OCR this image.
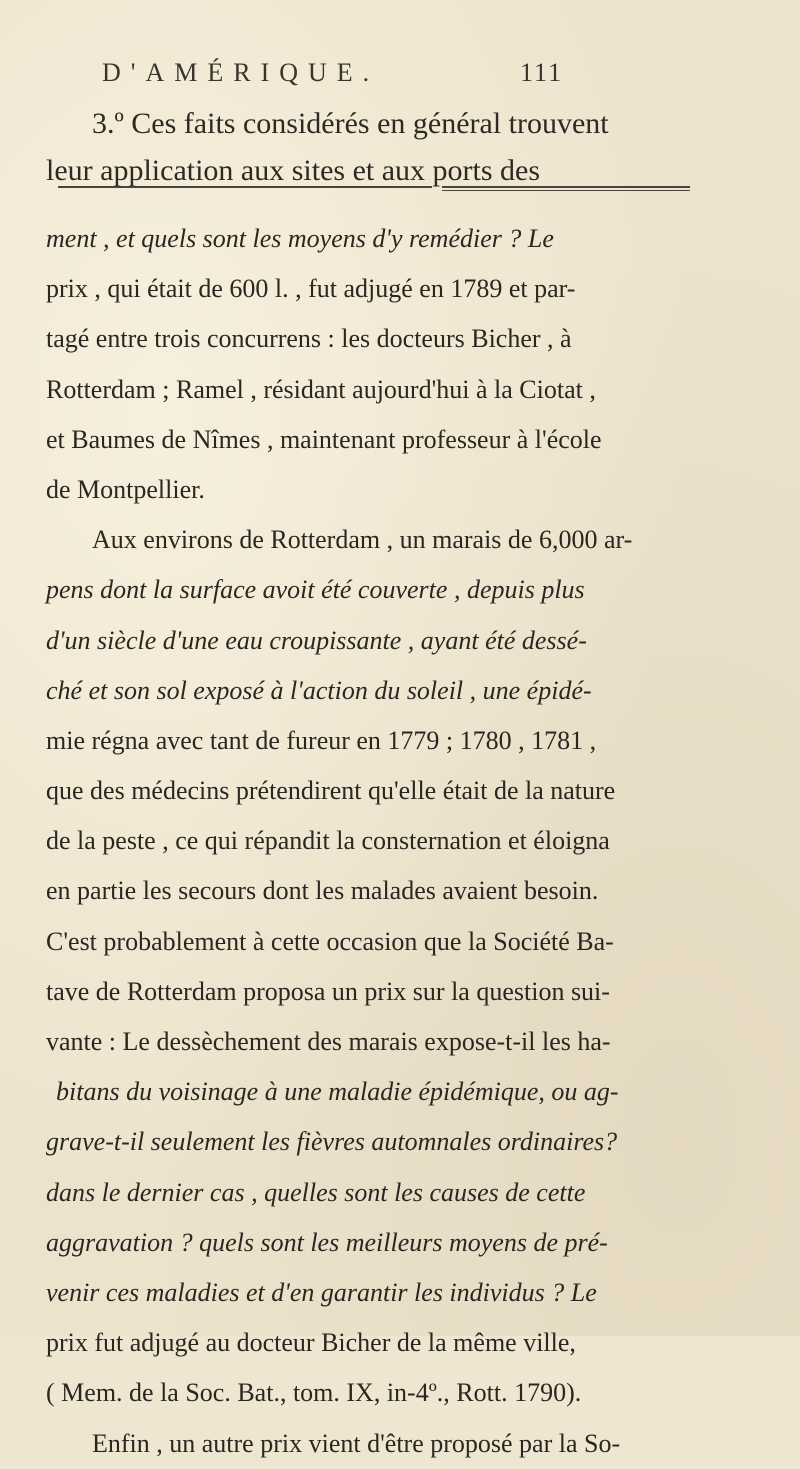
D'AMÉRIQUE.	111
3.º Ces faits considérés en général trouvent
leur application aux sites et aux ports des
ment , et quels sont les moyens d'y remédier ? Le
prix , qui était de 600 l. , fut adjugé en 1789 et par-
tagé entre trois concurrens : les docteurs Bicher , à
Rotterdam ; Ramel , résidant aujourd'hui à la Ciotat ,
et Baumes de Nîmes , maintenant professeur à l'école
de Montpellier.
Aux environs de Rotterdam , un marais de 6,000 ar-
pens dont la surface avoit été couverte , depuis plus
d'un siècle d'une eau croupissante , ayant été dessé-
ché et son sol exposé à l'action du soleil , une épidé-
mie régna avec tant de fureur en 1779 ; 1780 , 1781 ,
que des médecins prétendirent qu'elle était de la nature
de la peste , ce qui répandit la consternation et éloigna
en partie les secours dont les malades avaient besoin.
C'est probablement à cette occasion que la Société Ba-
tave de Rotterdam proposa un prix sur la question sui-
vante : Le dessèchement des marais expose-t-il les ha-
bitans du voisinage à une maladie épidémique, ou ag-
grave-t-il seulement les fièvres automnales ordinaires?
dans le dernier cas , quelles sont les causes de cette
aggravation ? quels sont les meilleurs moyens de pré-
venir ces maladies et d'en garantir les individus ? Le
prix fut adjugé au docteur Bicher de la même ville,
( Mem. de la Soc. Bat., tom. IX, in-4º., Rott. 1790).
Enfin , un autre prix vient d'être proposé par la So-
